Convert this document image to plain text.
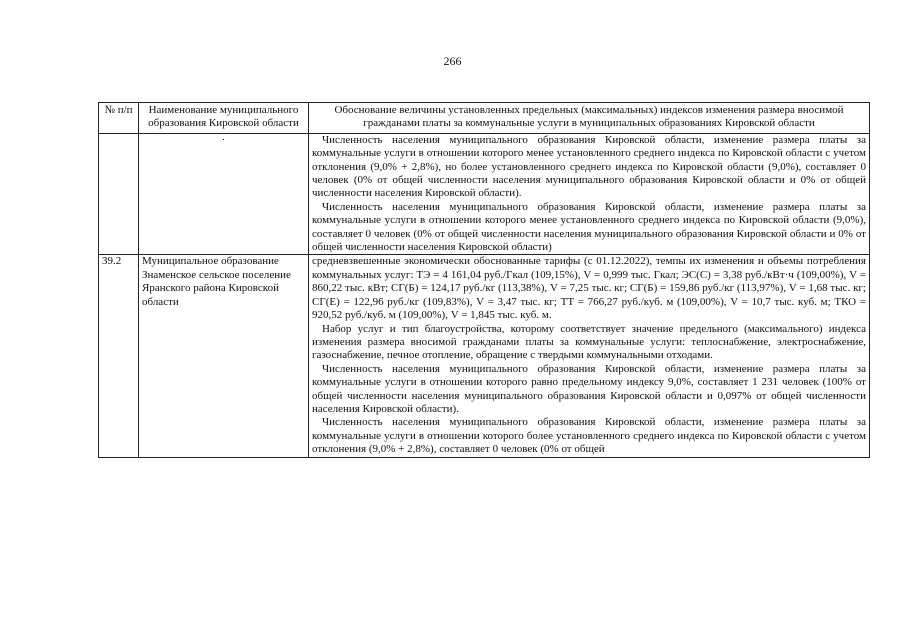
266
№ п/п	Наименование муниципального образования Кировской области	Обоснование величины установленных предельных (максимальных) индексов изменения размера вносимой гражданами платы за коммунальные услуги в муниципальных образованиях Кировской области
	·	Численность населения муниципального образования Кировской области, изменение размера платы за коммунальные услуги в отношении которого менее установленного среднего индекса по Кировской области с учетом отклонения (9,0% + 2,8%), но более установленного среднего индекса по Кировской области (9,0%), составляет 0 человек (0% от общей численности населения муниципального образования Кировской области и 0% от общей численности населения Кировской области).

Численность населения муниципального образования Кировской области, изменение размера платы за коммунальные услуги в отношении которого менее установленного среднего индекса по Кировской области (9,0%), составляет 0 человек (0% от общей численности населения муниципального образования Кировской области и 0% от общей численности населения Кировской области)

39.2	Муниципальное образование Знаменское сельское поселение Яранского района Кировской области	средневзвешенные экономически обоснованные тарифы (с 01.12.2022), темпы их изменения и объемы потребления коммунальных услуг: ТЭ = 4 161,04 руб./Гкал (109,15%), V = 0,999 тыс. Гкал; ЭС(С) = 3,38 руб./кВт·ч (109,00%), V = 860,22 тыс. кВт; СГ(Б) = 124,17 руб./кг (113,38%), V = 7,25 тыс. кг; СГ(Б) = 159,86 руб./кг (113,97%), V = 1,68 тыс. кг; СГ(Е) = 122,96 руб./кг (109,83%), V = 3,47 тыс. кг; ТТ = 766,27 руб./куб. м (109,00%), V = 10,7 тыс. куб. м; ТКО = 920,52 руб./куб. м (109,00%), V = 1,845 тыс. куб. м.

Набор услуг и тип благоустройства, которому соответствует значение предельного (максимального) индекса изменения размера вносимой гражданами платы за коммунальные услуги: теплоснабжение, электроснабжение, газоснабжение, печное отопление, обращение с твердыми коммунальными отходами.

Численность населения муниципального образования Кировской области, изменение размера платы за коммунальные услуги в отношении которого равно предельному индексу 9,0%, составляет 1 231 человек (100% от общей численности населения муниципального образования Кировской области и 0,097% от общей численности населения Кировской области).

Численность населения муниципального образования Кировской области, изменение размера платы за коммунальные услуги в отношении которого более установленного среднего индекса по Кировской области с учетом отклонения (9,0% + 2,8%), составляет 0 человек (0% от общей
